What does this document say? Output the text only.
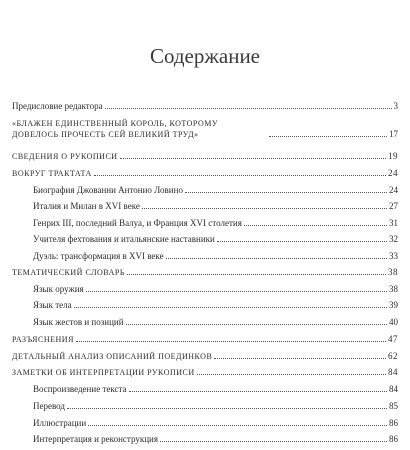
Содержание
Предисловие редактора	3
«БЛАЖЕН ЕДИНСТВЕННЫЙ КОРОЛЬ, КОТОРОМУ ДОВЕЛОСЬ ПРОЧЕСТЬ СЕЙ ВЕЛИКИЙ ТРУД»	17
СВЕДЕНИЯ О РУКОПИСИ	19
ВОКРУГ ТРАКТАТА	24
Биография Джованни Антонио Ловино	24
Италия и Милан в XVI веке	27
Генрих III, последний Валуа, и Франция XVI столетия	31
Учителя фехтования и итальянские наставники	32
Дуэль: трансформация в XVI веке	33
ТЕМАТИЧЕСКИЙ СЛОВАРЬ	38
Язык оружия	38
Язык тела	39
Язык жестов и позиций	40
РАЗЪЯСНЕНИЯ	47
ДЕТАЛЬНЫЙ АНАЛИЗ ОПИСАНИЙ ПОЕДИНКОВ	62
ЗАМЕТКИ ОБ ИНТЕРПРЕТАЦИИ РУКОПИСИ	84
Воспроизведение текста	84
Перевод	85
Иллюстрации	86
Интерпретация и реконструкция	86
